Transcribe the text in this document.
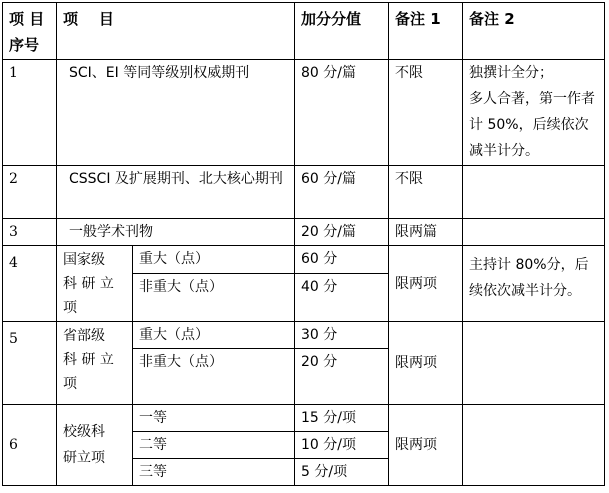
项 目
序号	项    目		加分分值	备注 1	备注 2
1	SCI、EI 等同等级别权威期刊		80 分/篇	不限	独撰计全分；
多人合著，第一作者计 50%，后续依次减半计分。
2	CSSCI 及扩展期刊、北大核心期刊		60 分/篇	不限	
3	一般学术刊物		20 分/篇	限两篇	
4	国家级
科 研 立
项	重大（点）	60 分	限两项	主持计 80%分，后续依次减半计分。
		非重大（点）	40 分		
5	省部级
科 研 立
项	重大（点）	30 分	限两项	
		非重大（点）	20 分		
6	校级科
研立项	一等	15 分/项	限两项	
		二等	10 分/项		
		三等	5 分/项		
